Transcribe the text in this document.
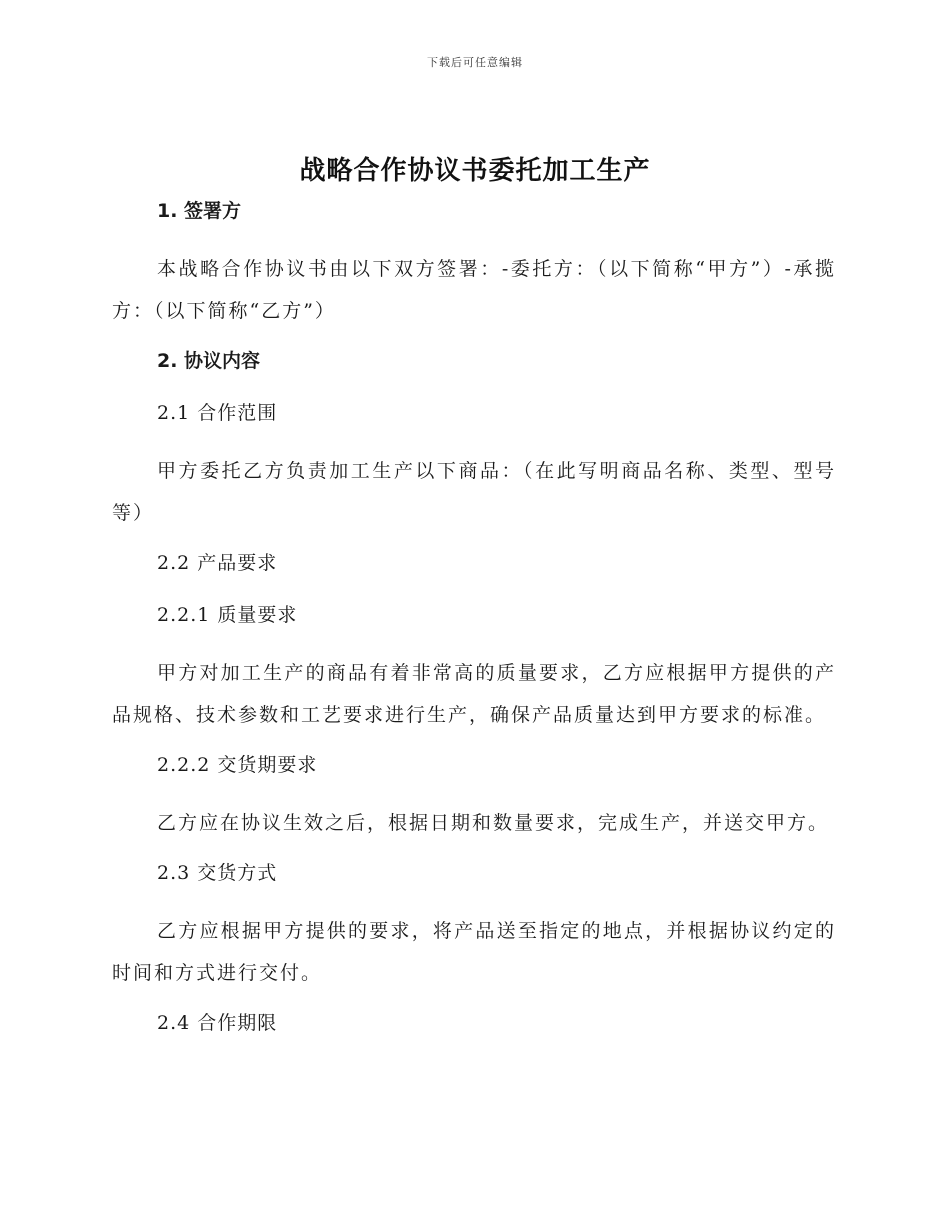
下载后可任意编辑
战略合作协议书委托加工生产
1. 签署方
本战略合作协议书由以下双方签署：-委托方：（以下简称“甲方”）-承揽方：（以下简称“乙方”）
2. 协议内容
2.1 合作范围
甲方委托乙方负责加工生产以下商品：（在此写明商品名称、类型、型号等）
2.2 产品要求
2.2.1 质量要求
甲方对加工生产的商品有着非常高的质量要求，乙方应根据甲方提供的产品规格、技术参数和工艺要求进行生产，确保产品质量达到甲方要求的标准。
2.2.2 交货期要求
乙方应在协议生效之后，根据日期和数量要求，完成生产，并送交甲方。
2.3 交货方式
乙方应根据甲方提供的要求，将产品送至指定的地点，并根据协议约定的时间和方式进行交付。
2.4 合作期限
